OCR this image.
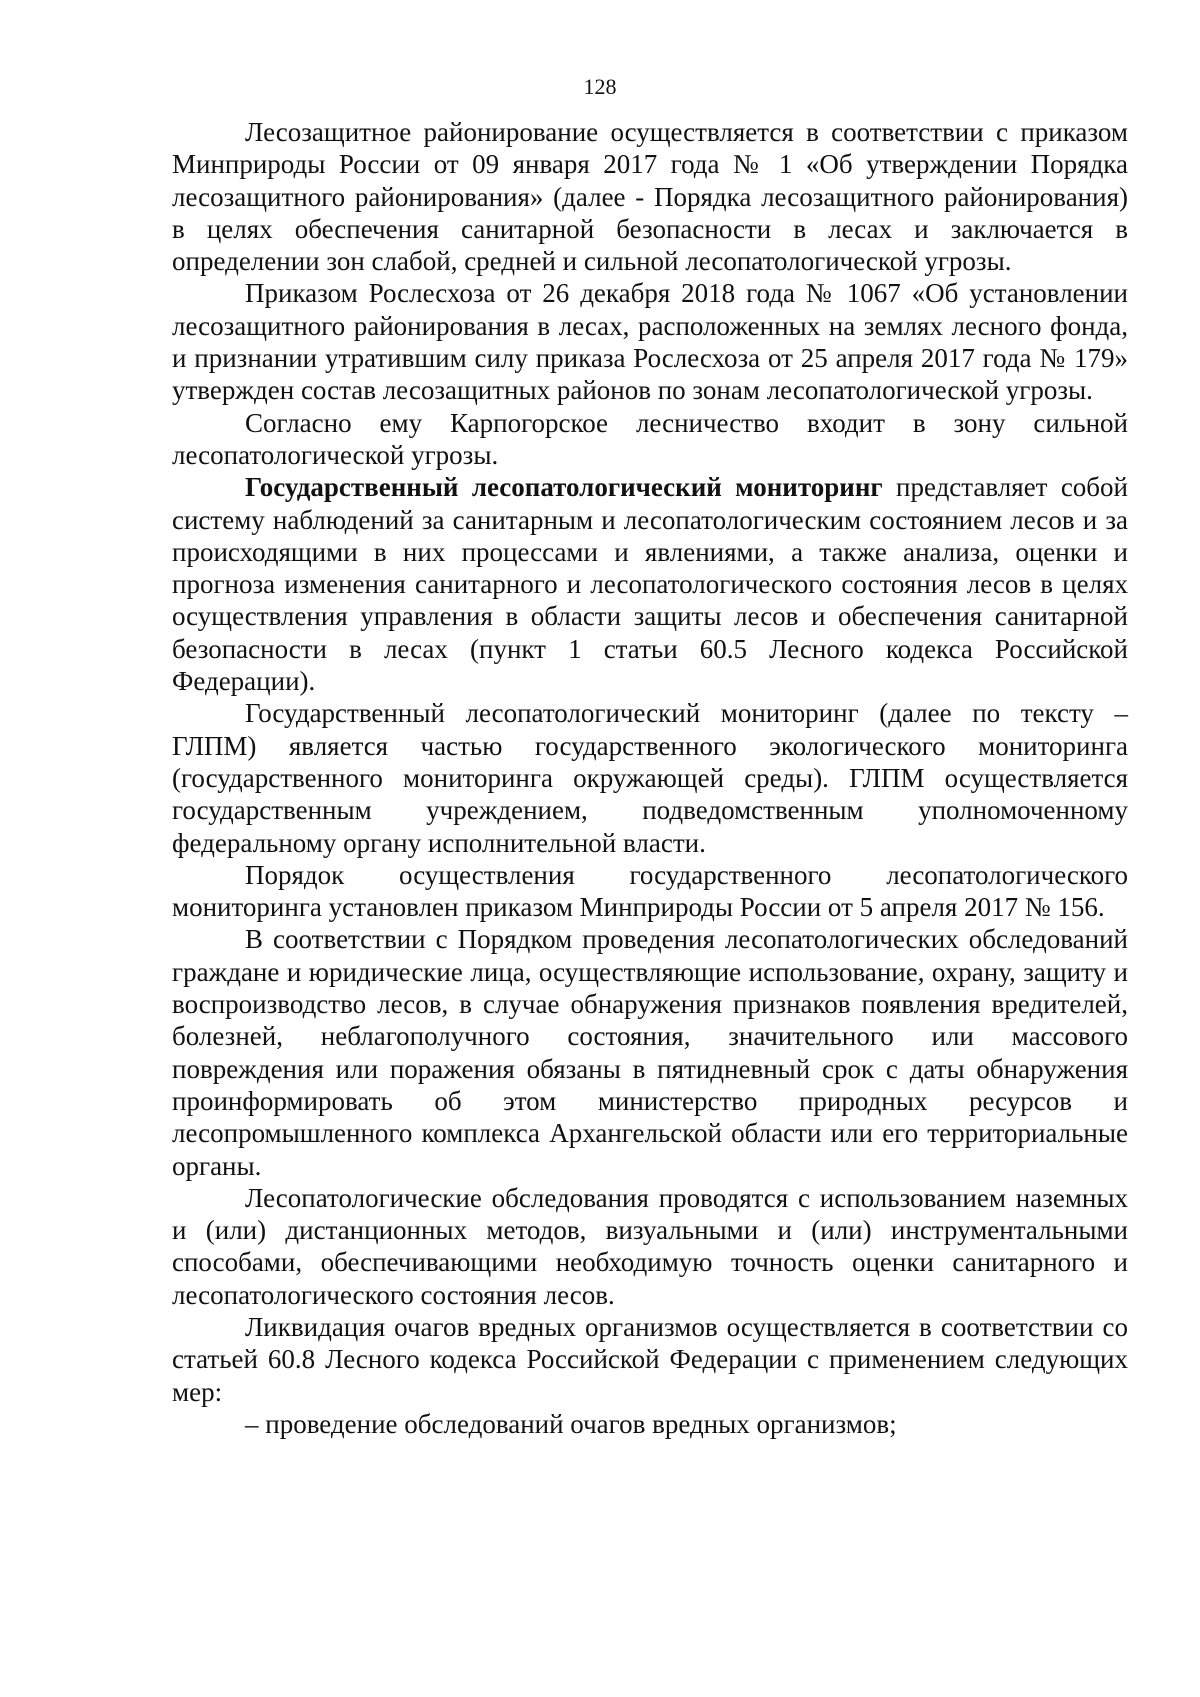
128

Лесозащитное районирование осуществляется в соответствии с приказом Минприроды России от 09 января 2017 года № 1 «Об утверждении Порядка лесозащитного районирования» (далее - Порядка лесозащитного районирования) в целях обеспечения санитарной безопасности в лесах и заключается в определении зон слабой, средней и сильной лесопатологической угрозы.

Приказом Рослесхоза от 26 декабря 2018 года № 1067 «Об установлении лесозащитного районирования в лесах, расположенных на землях лесного фонда, и признании утратившим силу приказа Рослесхоза от 25 апреля 2017 года № 179» утвержден состав лесозащитных районов по зонам лесопатологической угрозы.

Согласно ему Карпогорское лесничество входит в зону сильной лесопатологической угрозы.

Государственный лесопатологический мониторинг представляет собой систему наблюдений за санитарным и лесопатологическим состоянием лесов и за происходящими в них процессами и явлениями, а также анализа, оценки и прогноза изменения санитарного и лесопатологического состояния лесов в целях осуществления управления в области защиты лесов и обеспечения санитарной безопасности в лесах (пункт 1 статьи 60.5 Лесного кодекса Российской Федерации).

Государственный лесопатологический мониторинг (далее по тексту – ГЛПМ) является частью государственного экологического мониторинга (государственного мониторинга окружающей среды). ГЛПМ осуществляется государственным учреждением, подведомственным уполномоченному федеральному органу исполнительной власти.

Порядок осуществления государственного лесопатологического мониторинга установлен приказом Минприроды России от 5 апреля 2017 № 156.

В соответствии с Порядком проведения лесопатологических обследований граждане и юридические лица, осуществляющие использование, охрану, защиту и воспроизводство лесов, в случае обнаружения признаков появления вредителей, болезней, неблагополучного состояния, значительного или массового повреждения или поражения обязаны в пятидневный срок с даты обнаружения проинформировать об этом министерство природных ресурсов и лесопромышленного комплекса Архангельской области или его территориальные органы.

Лесопатологические обследования проводятся с использованием наземных и (или) дистанционных методов, визуальными и (или) инструментальными способами, обеспечивающими необходимую точность оценки санитарного и лесопатологического состояния лесов.

Ликвидация очагов вредных организмов осуществляется в соответствии со статьей 60.8 Лесного кодекса Российской Федерации с применением следующих мер:

– проведение обследований очагов вредных организмов;
